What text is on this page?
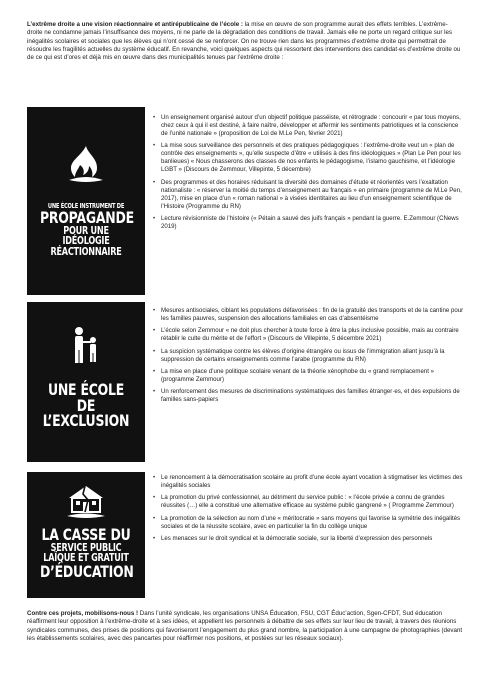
L’extrême droite a une vision réactionnaire et antirépublicaine de l’école : la mise en œuvre de son programme aurait des effets terribles. L’extrême-droite ne condamne jamais l’insuffisance des moyens, ni ne parle de la dégradation des conditions de travail. Jamais elle ne porte un regard critique sur les inégalités scolaires et sociales que les élèves qui n’ont cessé de se renforcer. On ne trouve rien dans les programmes d’extrême droite qui permettrait de résoudre les fragilités actuelles du système éducatif. En revanche, voici quelques aspects qui ressortent des interventions des candidat·es d’extrême droite ou de ce qui est d’ores et déjà mis en œuvre dans des municipalités tenues par l’extrême droite :
UNE ÉCOLE INSTRUMENT DE
PROPAGANDE
POUR UNE IDÉOLOGIE
RÉACTIONNAIRE
• Un enseignement organisé autour d’un objectif politique passéiste, et rétrograde : concourir « par tous moyens, chez ceux à qui il est destiné, à faire naître, développer et affermir les sentiments patriotiques et la conscience de l’unité nationale » (proposition de Loi de M.Le Pen, février 2021)
• La mise sous surveillance des personnels et des pratiques pédagogiques : l’extrême-droite veut un « plan de contrôle des enseignements », qu’elle suspecte d’être « utilisés à des fins idéologiques » (Plan Le Pen pour les banlieues) « Nous chasserons des classes de nos enfants le pédagogisme, l’islamo gauchisme, et l’idéologie LGBT » (Discours de Zemmour, Villepinte, 5 décembre)
• Des programmes et des horaires réduisant la diversité des domaines d’étude et réorientés vers l’exaltation nationaliste : « réserver la moitié du temps d’enseignement au français » en primaire (programme de M.Le Pen, 2017), mise en place d’un « roman national » à visées identitaires au lieu d’un enseignement scientifique de l’Histoire (Programme du RN)
• Lecture révisionniste de l’histoire (« Pétain a sauvé des juifs français » pendant la guerre. E.Zemmour (CNews 2019)
UNE ÉCOLE DE
L’EXCLUSION
• Mesures antisociales, ciblant les populations défavorisées : fin de la gratuité des transports et de la cantine pour les familles pauvres, suspension des allocations familiales en cas d’absentéisme
• L’école selon Zemmour « ne doit plus chercher à toute force à être la plus inclusive possible, mais au contraire rétablir le culte du mérite et de l’effort » (Discours de Villepinte, 5 décembre 2021)
• La suspicion systématique contre les élèves d’origine étrangère ou issus de l’immigration allant jusqu’à la suppression de certains enseignements comme l’arabe (programme du RN)
• La mise en place d’une politique scolaire venant de la théorie xénophobe du « grand remplacement » (programme Zemmour)
• Un renforcement des mesures de discriminations systématiques des familles étranger·es, et des expulsions de familles sans-papiers
LA CASSE DU
SERVICE PUBLIC
LAÏQUE ET GRATUIT
D’ÉDUCATION
• Le renoncement à la démocratisation scolaire au profit d’une école ayant vocation à stigmatiser les victimes des inégalités sociales
• La promotion du privé confessionnel, au détriment du service public : « l’école privée a connu de grandes réussites (…) elle a constitué une alternative efficace au système public gangrené » ( Programme Zemmour)
• La promotion de la sélection au nom d’une « méritocratie » sans moyens qui favorise la symétrie des inégalités sociales et de la réussite scolaire, avec en particulier la fin du collège unique
• Les menaces sur le droit syndical et la démocratie sociale, sur la liberté d’expression des personnels
Contre ces projets, mobilisons-nous ! Dans l’unité syndicale, les organisations UNSA Éducation, FSU, CGT Éduc’action, Sgen-CFDT, Sud éducation réaffirment leur opposition à l’extrême-droite et à ses idées, et appellent les personnels à débattre de ses effets sur leur lieu de travail, à travers des réunions syndicales communes, des prises de positions qui favoriseront l’engagement du plus grand nombre, la participation à une campagne de photographies (devant les établissements scolaires, avec des pancartes pour réaffirmer nos positions, et postées sur les réseaux sociaux).
